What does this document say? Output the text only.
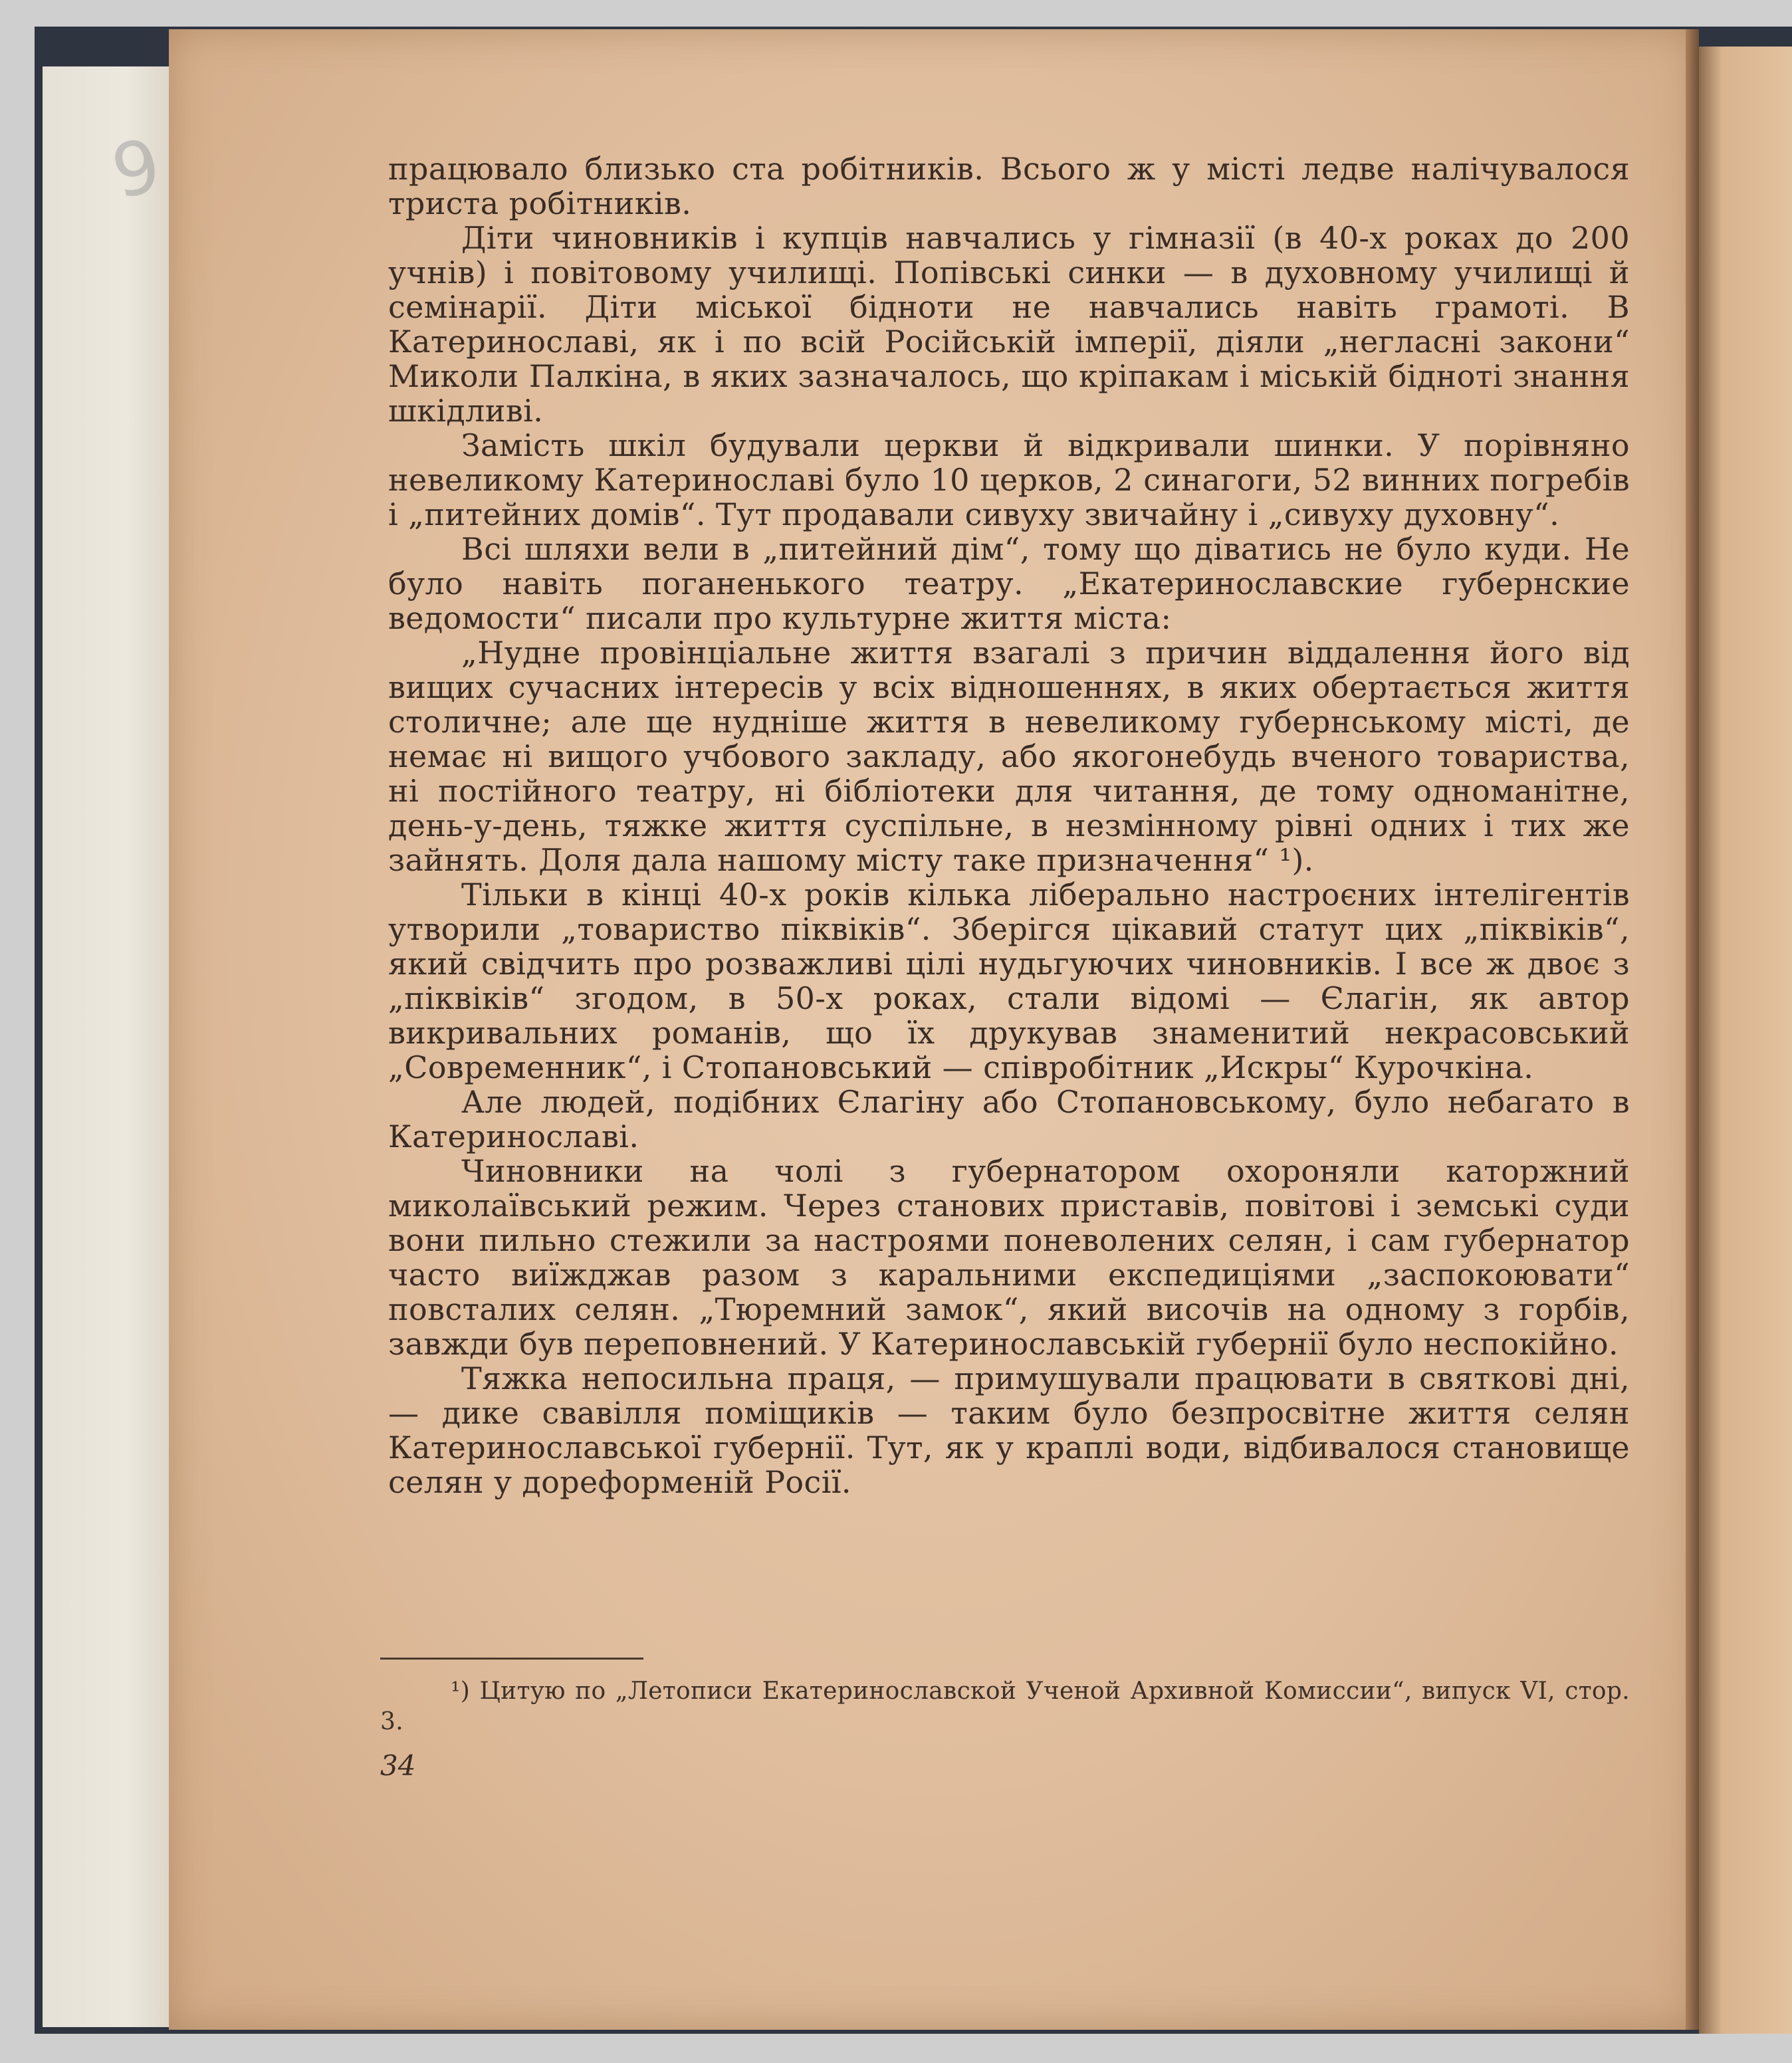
9	працювало близько ста робітників. Всього ж у місті ледве налічувалося триста робітників.

Діти чиновників і купців навчались у гімназії (в 40-х роках до 200 учнів) і повітовому училищі. Попівські синки — в духовному училищі й семінарії. Діти міської бідноти не навчались навіть грамоті. В Катеринославі, як і по всій Російській імперії, діяли „негласні закони“ Миколи Палкіна, в яких зазначалось, що кріпакам і міській бідноті знання шкідливі.

Замість шкіл будували церкви й відкривали шинки. У порівняно невеликому Катеринославі було 10 церков, 2 синагоги, 52 винних погребів і „питейних домів“. Тут продавали сивуху звичайну і „сивуху духовну“.

Всі шляхи вели в „питейний дім“, тому що діватись не було куди. Не було навіть поганенького театру. „Екатеринославские губернские ведомости“ писали про культурне життя міста:

„Нудне провінціальне життя взагалі з причин віддалення його від вищих сучасних інтересів у всіх відношеннях, в яких обертається життя столичне; але ще нудніше життя в невеликому губернському місті, де немає ні вищого учбового закладу, або якогонебудь вченого товариства, ні постійного театру, ні бібліотеки для читання, де тому одноманітне, день-у-день, тяжке життя суспільне, в незмінному рівні одних і тих же зайнять. Доля дала нашому місту таке призначення“ ¹).

Тільки в кінці 40-х років кілька ліберально настроєних інтелігентів утворили „товариство піквіків“. Зберігся цікавий статут цих „піквіків“, який свідчить про розважливі цілі нудьгуючих чиновників. І все ж двоє з „піквіків“ згодом, в 50-х роках, стали відомі — Єлагін, як автор викривальних романів, що їх друкував знаменитий некрасовський „Современник“, і Стопановський — співробітник „Искры“ Курочкіна.

Але людей, подібних Єлагіну або Стопановському, було небагато в Катеринославі.

Чиновники на чолі з губернатором охороняли каторжний миколаївський режим. Через станових приставів, повітові і земські суди вони пильно стежили за настроями поневолених селян, і сам губернатор часто виїжджав разом з каральними експедиціями „заспокоювати“ повсталих селян. „Тюремний замок“, який височів на одному з горбів, завжди був переповнений. У Катеринославській губернії було неспокійно.

Тяжка непосильна праця, — примушували працювати в святкові дні, — дике свавілля поміщиків — таким було безпросвітне життя селян Катеринославської губернії. Тут, як у краплі води, відбивалося становище селян у дореформеній Росії.

¹) Цитую по „Летописи Екатеринославской Ученой Архивной Комиссии“, випуск VI, стор. 3.

34
